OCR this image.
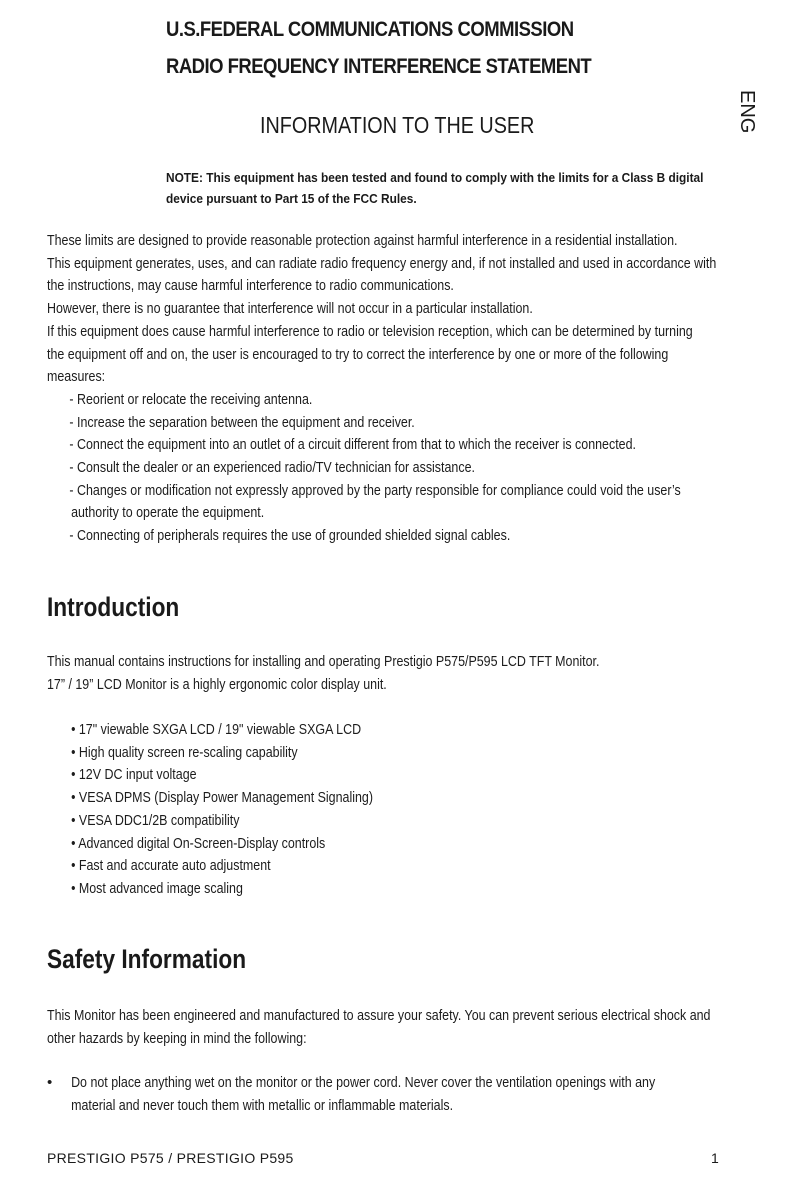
U.S.FEDERAL COMMUNICATIONS COMMISSION
RADIO FREQUENCY INTERFERENCE STATEMENT
ENG
INFORMATION TO THE USER
NOTE: This equipment has been tested and found to comply with the limits for a Class B digital
device pursuant to Part 15 of the FCC Rules.
These limits are designed to provide reasonable protection against harmful interference in a residential installation.
This equipment generates, uses, and can radiate radio frequency energy and, if not installed and used in accordance with
the instructions, may cause harmful interference to radio communications.
However, there is no guarantee that interference will not occur in a particular installation.
If this equipment does cause harmful interference to radio or television reception, which can be determined by turning
the equipment off and on, the user is encouraged to try to correct the interference by one or more of the following
measures:
- Reorient or relocate the receiving antenna.
- Increase the separation between the equipment and receiver.
- Connect the equipment into an outlet of a circuit different from that to which the receiver is connected.
- Consult the dealer or an experienced radio/TV technician for assistance.
- Changes or modification not expressly approved by the party responsible for compliance could void the user’s
authority to operate the equipment.
- Connecting of peripherals requires the use of grounded shielded signal cables.
Introduction
This manual contains instructions for installing and operating Prestigio P575/P595 LCD TFT Monitor.
17” / 19” LCD Monitor is a highly ergonomic color display unit.
• 17" viewable SXGA LCD / 19" viewable SXGA LCD
• High quality screen re-scaling capability
• 12V DC input voltage
• VESA DPMS (Display Power Management Signaling)
• VESA DDC1/2B compatibility
• Advanced digital On-Screen-Display controls
• Fast and accurate auto adjustment
• Most advanced image scaling
Safety Information
This Monitor has been engineered and manufactured to assure your safety. You can prevent serious electrical shock and
other hazards by keeping in mind the following:
•	Do not place anything wet on the monitor or the power cord. Never cover the ventilation openings with any
material and never touch them with metallic or inflammable materials.
PRESTIGIO P575 / PRESTIGIO P595	1
